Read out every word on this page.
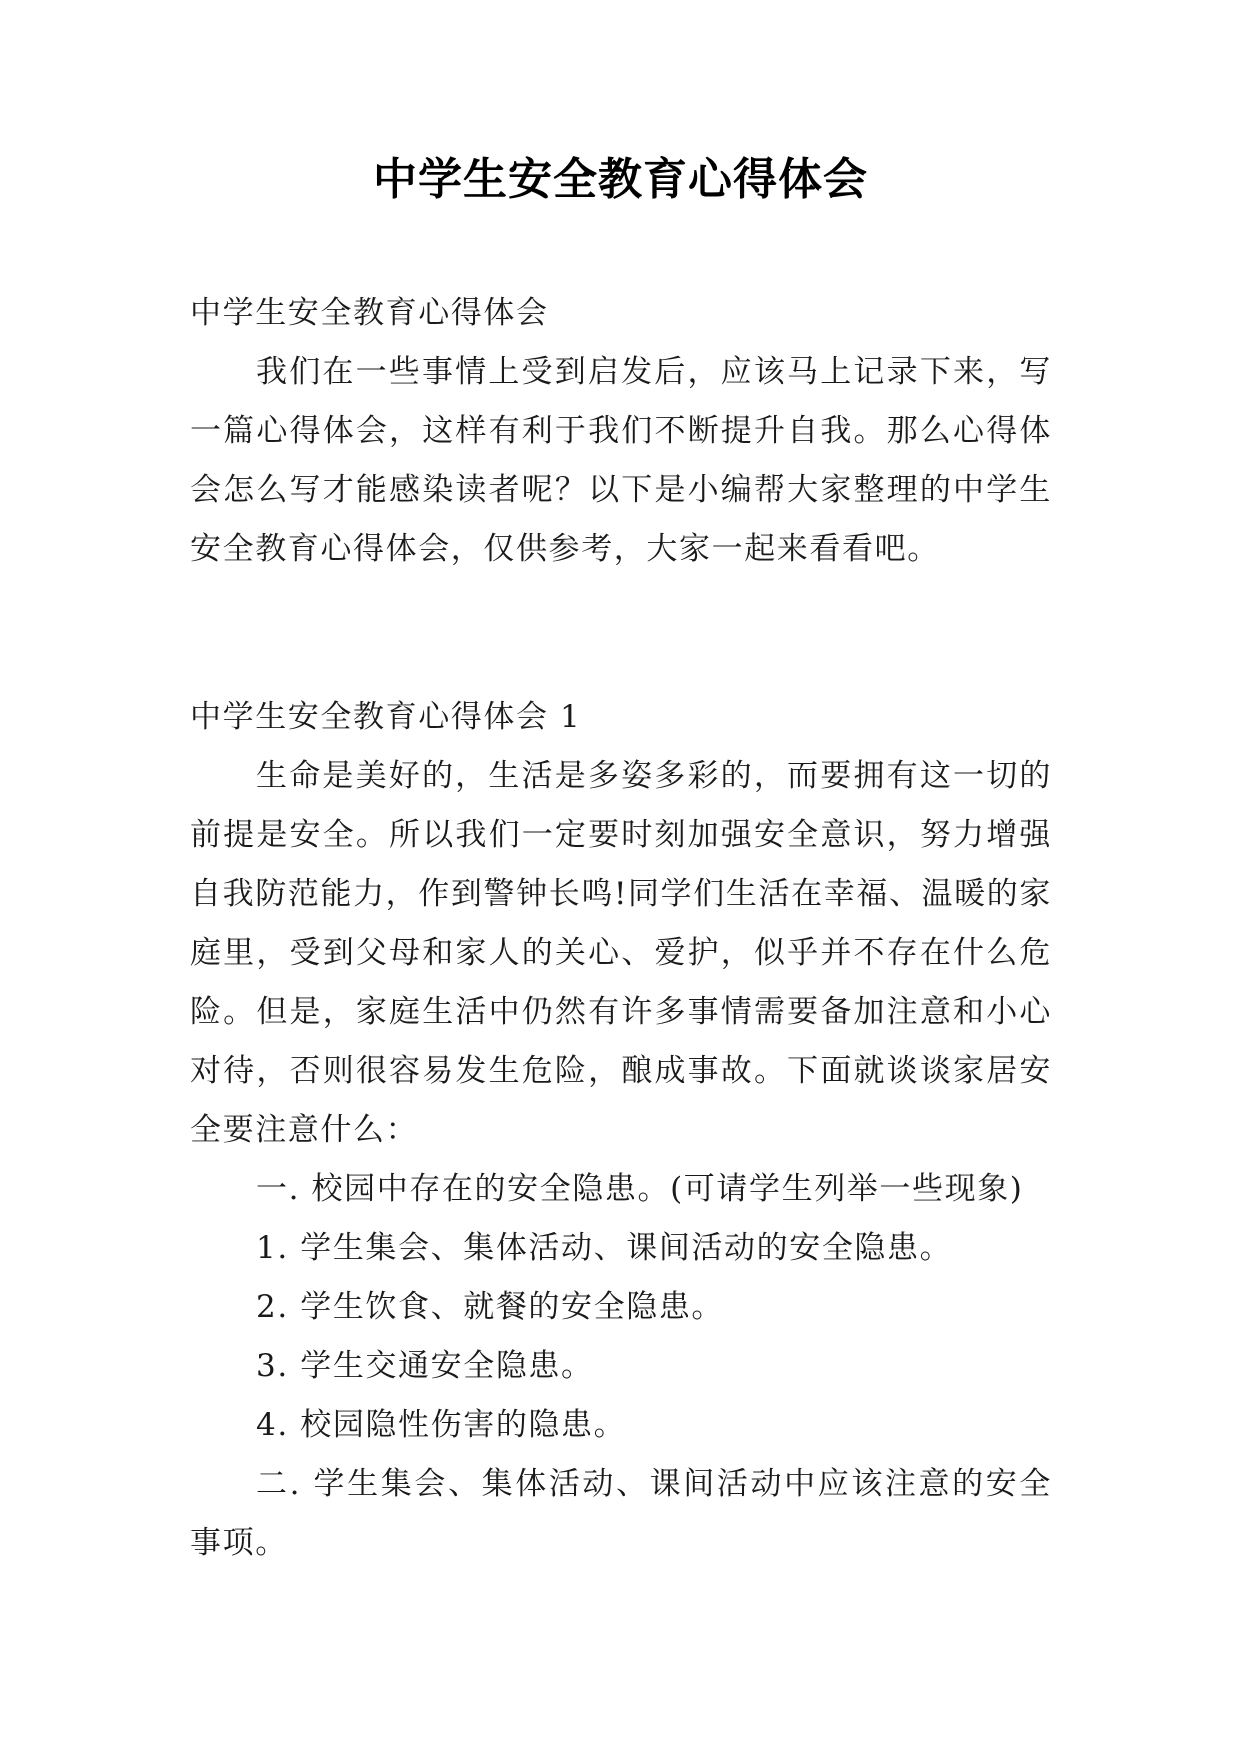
中学生安全教育心得体会

中学生安全教育心得体会

我们在一些事情上受到启发后，应该马上记录下来，写一篇心得体会，这样有利于我们不断提升自我。那么心得体会怎么写才能感染读者呢？以下是小编帮大家整理的中学生安全教育心得体会，仅供参考，大家一起来看看吧。

中学生安全教育心得体会 1

生命是美好的，生活是多姿多彩的，而要拥有这一切的前提是安全。所以我们一定要时刻加强安全意识，努力增强自我防范能力，作到警钟长鸣!同学们生活在幸福、温暖的家庭里，受到父母和家人的关心、爱护，似乎并不存在什么危险。但是，家庭生活中仍然有许多事情需要备加注意和小心对待，否则很容易发生危险，酿成事故。下面就谈谈家居安全要注意什么：

一. 校园中存在的安全隐患。(可请学生列举一些现象)

1. 学生集会、集体活动、课间活动的安全隐患。

2. 学生饮食、就餐的安全隐患。

3. 学生交通安全隐患。

4. 校园隐性伤害的隐患。

二. 学生集会、集体活动、课间活动中应该注意的安全事项。
